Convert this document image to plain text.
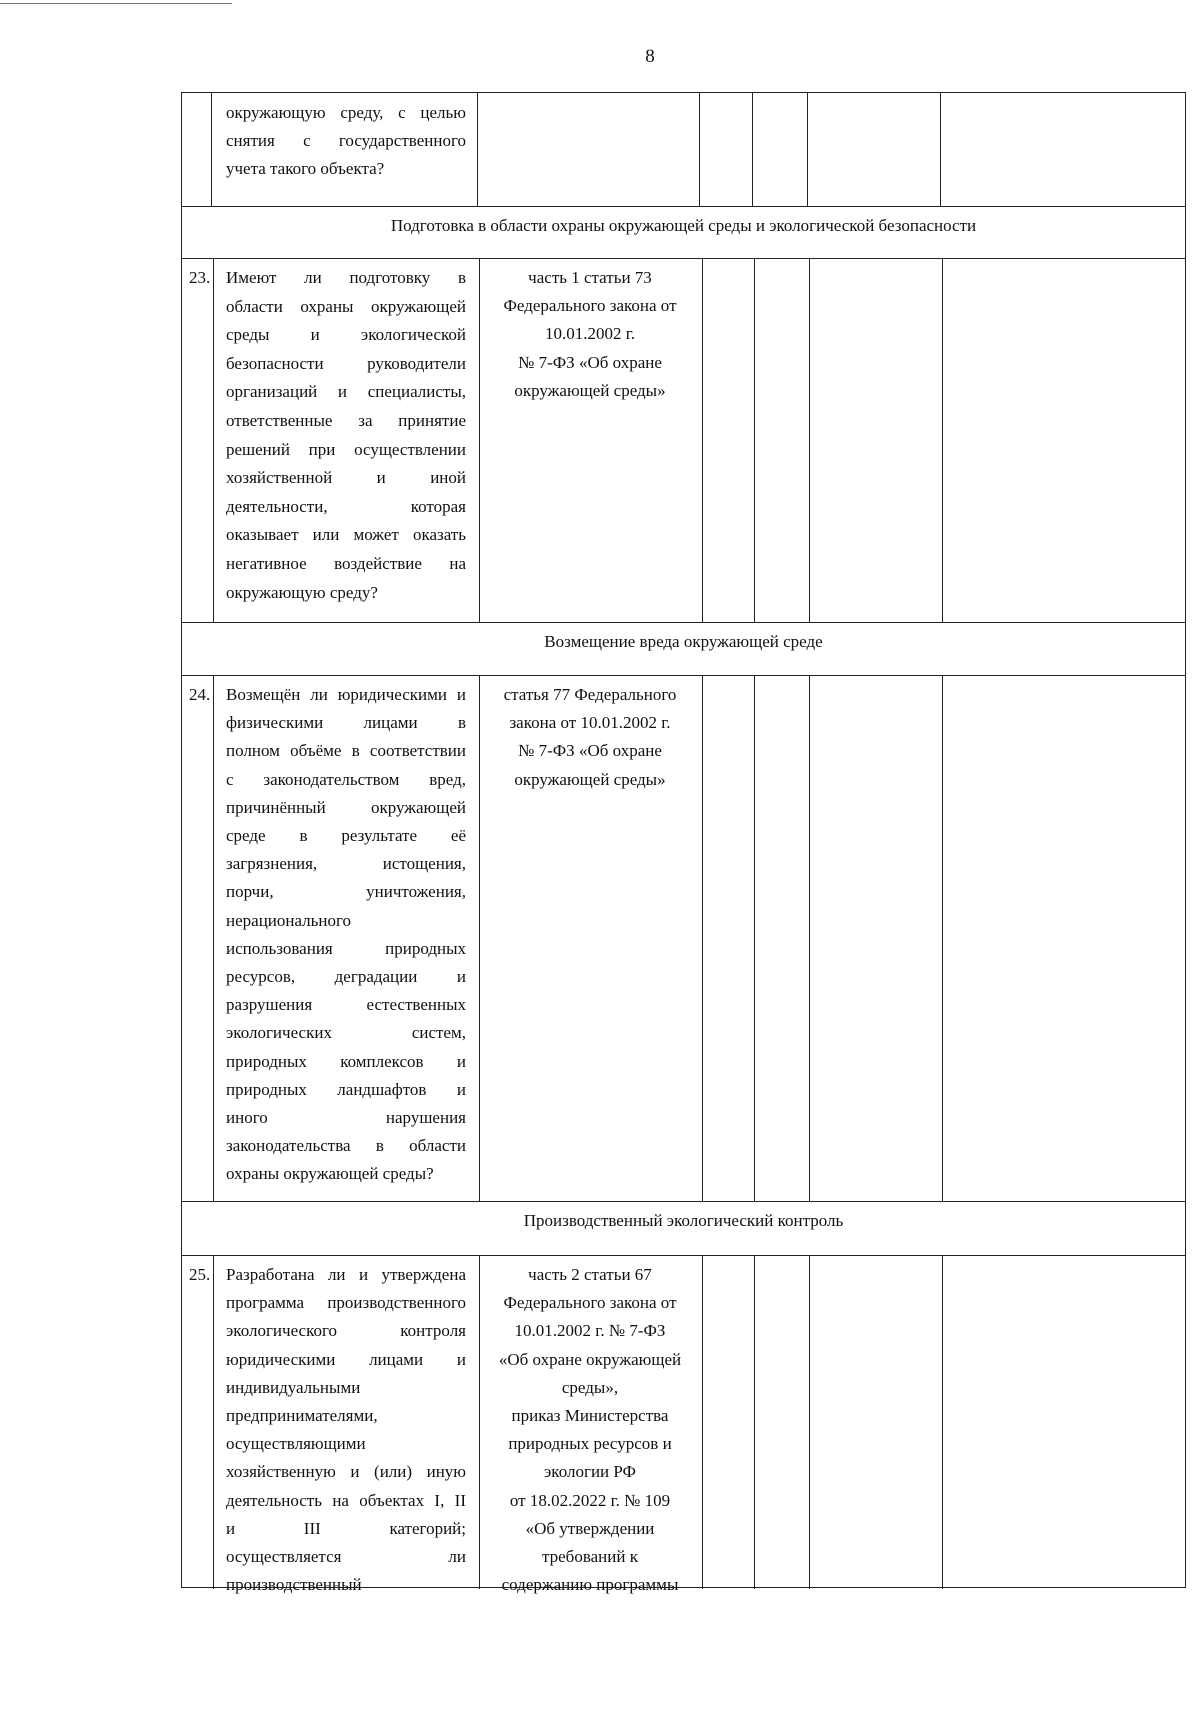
8
Подготовка в области охраны окружающей среды и экологической безопасности
Возмещение вреда окружающей среде
Производственный экологический контроль
окружающую среду, с целью
снятия с государственного
учета такого объекта?
23. Имеют ли подготовку в
области охраны окружающей
среды и экологической
безопасности руководители
организаций и специалисты,
ответственные за принятие
решений при осуществлении
хозяйственной и иной
деятельности, которая
оказывает или может оказать
негативное воздействие на
окружающую среду?
часть 1 статьи 73
Федерального закона от
10.01.2002 г.
№ 7-ФЗ «Об охране
окружающей среды»
24. Возмещён ли юридическими и
физическими лицами в
полном объёме в соответствии
с законодательством вред,
причинённый окружающей
среде в результате её
загрязнения, истощения,
порчи, уничтожения,
нерационального
использования природных
ресурсов, деградации и
разрушения естественных
экологических систем,
природных комплексов и
природных ландшафтов и
иного нарушения
законодательства в области
охраны окружающей среды?
статья 77 Федерального
закона от 10.01.2002 г.
№ 7-ФЗ «Об охране
окружающей среды»
25. Разработана ли и утверждена
программа производственного
экологического контроля
юридическими лицами и
индивидуальными
предпринимателями,
осуществляющими
хозяйственную и (или) иную
деятельность на объектах I, II
и III категорий;
осуществляется ли
производственный
часть 2 статьи 67
Федерального закона от
10.01.2002 г. № 7-ФЗ
«Об охране окружающей
среды»,
приказ Министерства
природных ресурсов и
экологии РФ
от 18.02.2022 г. № 109
«Об утверждении
требований к
содержанию программы
